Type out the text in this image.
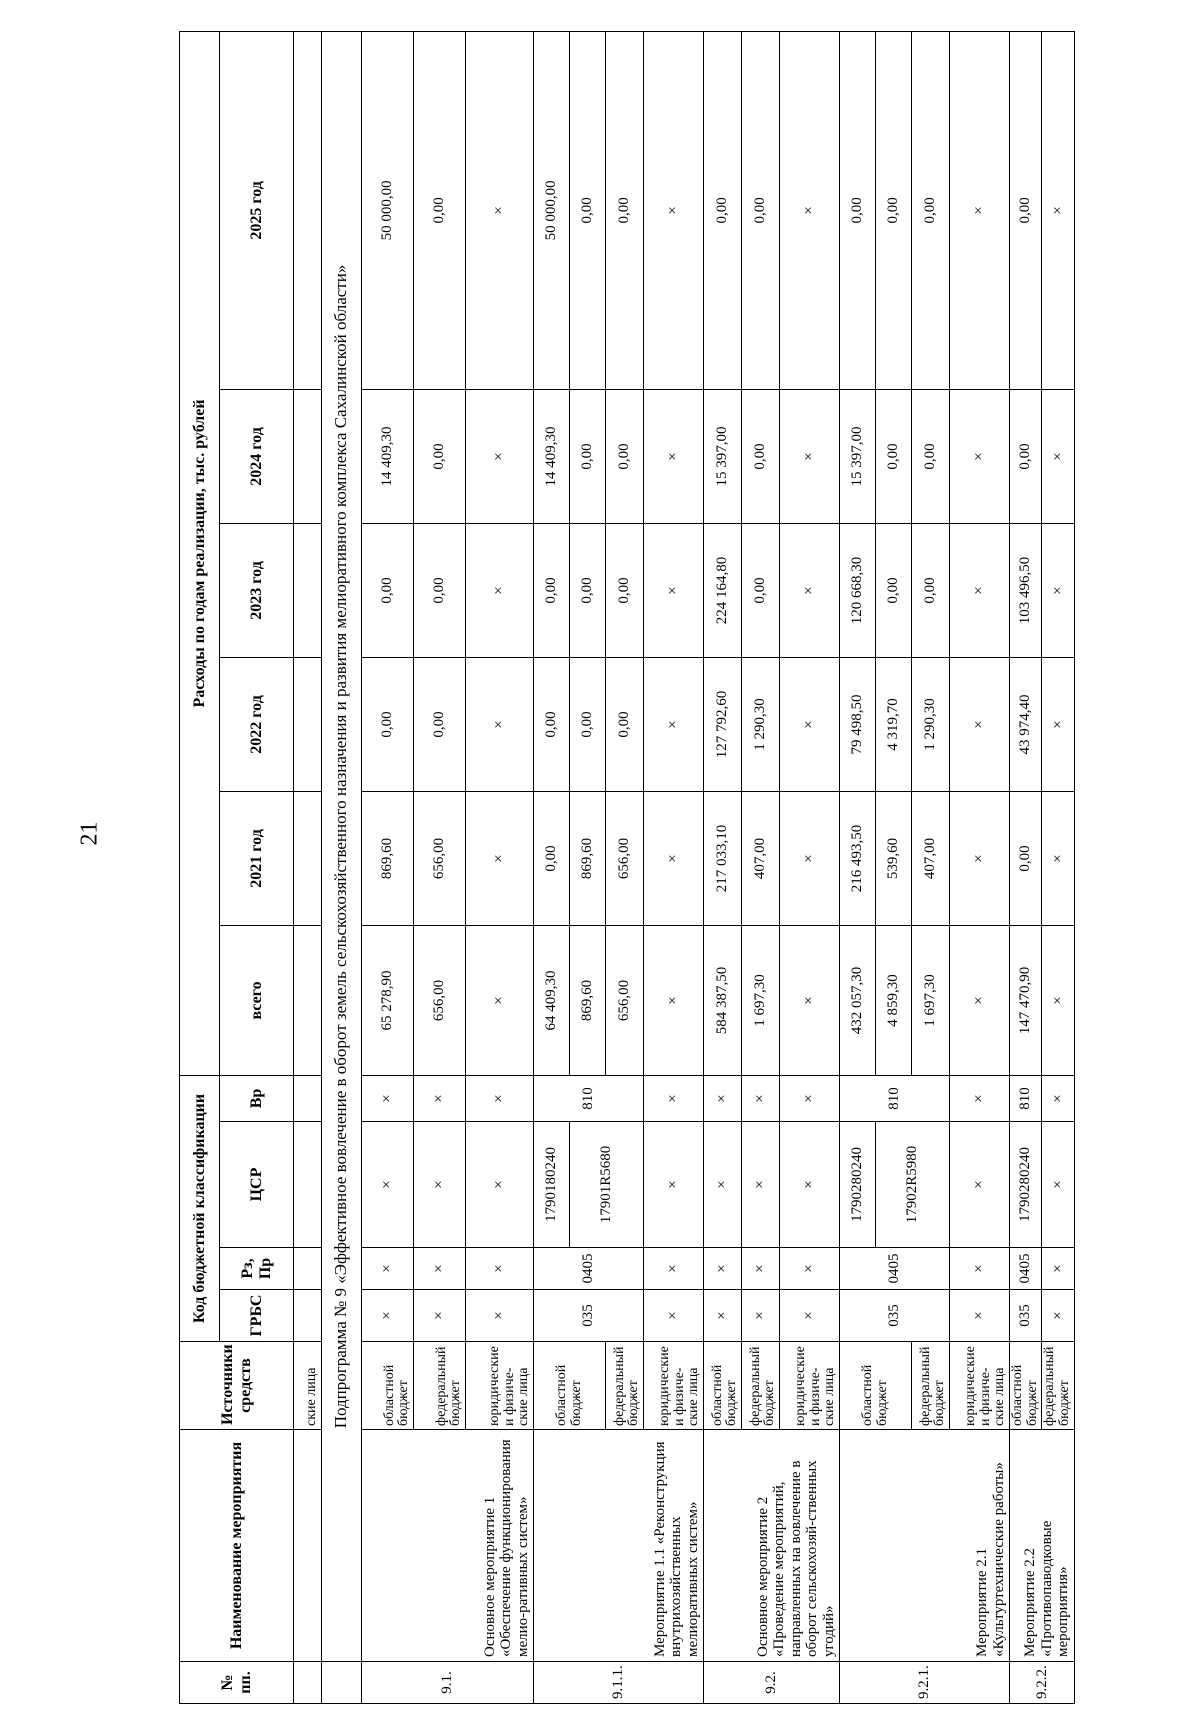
21
№ пп.	Наименование мероприятия	Источники средств	Код бюджетной классификации				Расходы по годам реализации, тыс. рублей					
			ГРБС	Рз, Пр	ЦСР	Вр	всего	2021 год	2022 год	2023 год	2024 год	2025 год
		ские лица										
	Подпрограмма № 9 «Эффективное вовлечение в оборот земель сельскохозяйственного назначения и развития мелиоративного комплекса Сахалинской области»											
9.1.	Основное мероприятие 1 «Обеспечение функционирования мелио-ративных систем»	областной бюджет	×	×	×	×	65 278,90	869,60	0,00	0,00	14 409,30	50 000,00
		федеральный бюджет	×	×	×	×	656,00	656,00	0,00	0,00	0,00	0,00
		юридические и физиче-ские лица	×	×	×	×	×	×	×	×	×	×
9.1.1.	Мероприятие 1.1 «Реконструкция внутрихозяйственных мелиоративных систем»	областной бюджет	035	0405	1790180240	810	64 409,30	0,00	0,00	0,00	14 409,30	50 000,00
					17901R5680		869,60	869,60	0,00	0,00	0,00	0,00
		федеральный бюджет					656,00	656,00	0,00	0,00	0,00	0,00
		юридические и физиче-ские лица	×	×	×	×	×	×	×	×	×	×
9.2.	Основное мероприятие 2 «Проведение мероприятий, направленных на вовлечение в оборот сельскохозяй-ственных угодий»	областной бюджет	×	×	×	×	584 387,50	217 033,10	127 792,60	224 164,80	15 397,00	0,00
		федеральный бюджет	×	×	×	×	1 697,30	407,00	1 290,30	0,00	0,00	0,00
		юридические и физиче-ские лица	×	×	×	×	×	×	×	×	×	×
9.2.1.	Мероприятие 2.1 «Культуртехнические работы»	областной бюджет	035	0405	1790280240	810	432 057,30	216 493,50	79 498,50	120 668,30	15 397,00	0,00
					17902R5980		4 859,30	539,60	4 319,70	0,00	0,00	0,00
		федеральный бюджет					1 697,30	407,00	1 290,30	0,00	0,00	0,00
		юридические и физиче-ские лица	×	×	×	×	×	×	×	×	×	×
9.2.2.	Мероприятие 2.2 «Противопаводковые мероприятия»	областной бюджет	035	0405	1790280240	810	147 470,90	0,00	43 974,40	103 496,50	0,00	0,00
		федеральный бюджет	×	×	×	×	×	×	×	×	×	×
